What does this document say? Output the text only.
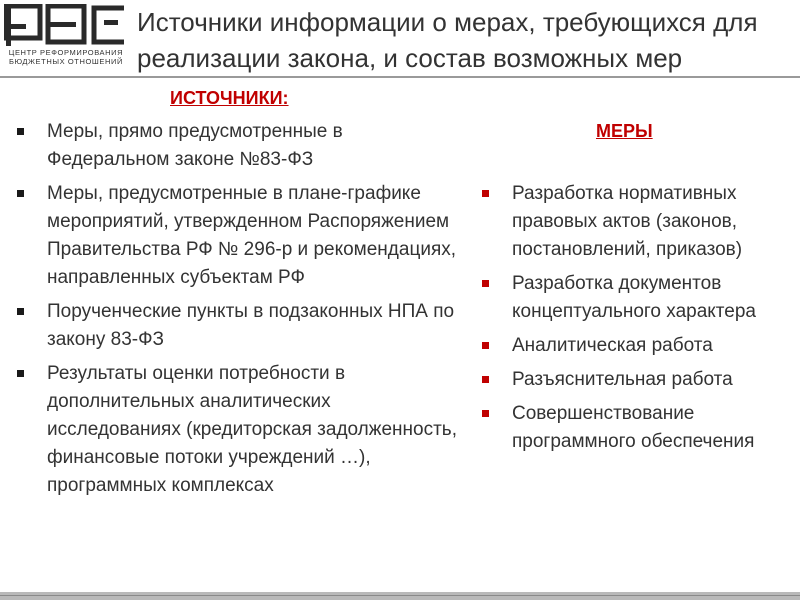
ЦЕНТР РЕФОРМИРОВАНИЯ
БЮДЖЕТНЫХ ОТНОШЕНИЙ
Источники информации о мерах, требующихся для реализации закона, и состав возможных мер
ИСТОЧНИКИ:
Меры, прямо предусмотренные в Федеральном законе №83-ФЗ
Меры, предусмотренные в плане-графике мероприятий, утвержденном Распоряжением Правительства РФ № 296-р и рекомендациях, направленных субъектам РФ
Порученческие пункты в подзаконных НПА по закону 83-ФЗ
Результаты оценки потребности в дополнительных аналитических исследованиях (кредиторская задолженность, финансовые потоки учреждений …), программных комплексах
МЕРЫ
Разработка нормативных правовых актов (законов, постановлений, приказов)
Разработка документов концептуального характера
Аналитическая работа
Разъяснительная работа
Совершенствование программного обеспечения
